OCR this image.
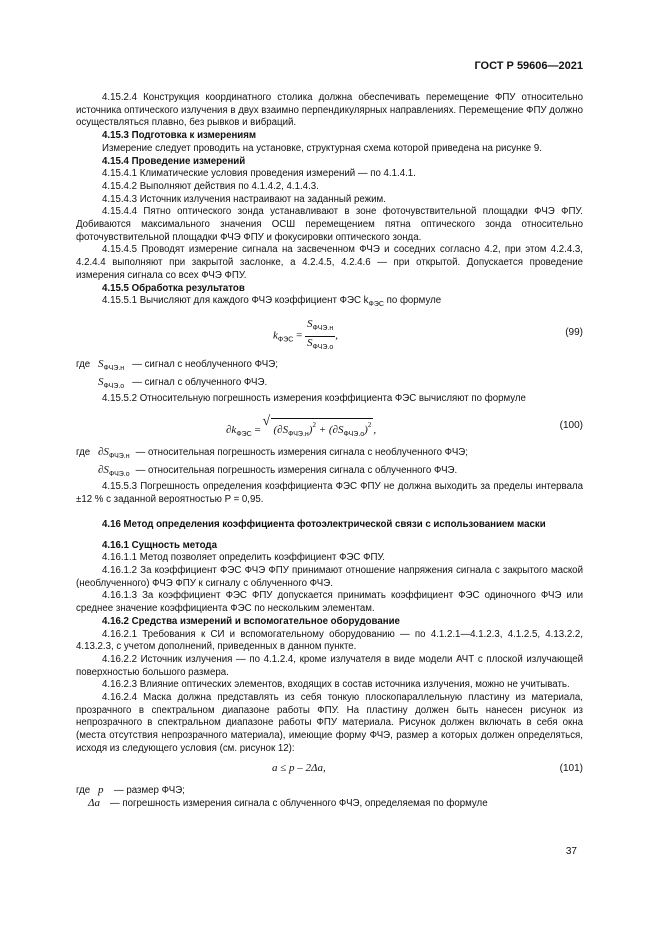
ГОСТ Р 59606—2021

4.15.2.4 Конструкция координатного столика должна обеспечивать перемещение ФПУ относительно источника оптического излучения в двух взаимно перпендикулярных направлениях. Перемещение ФПУ должно осуществляться плавно, без рывков и вибраций.

4.15.3 Подготовка к измерениям

Измерение следует проводить на установке, структурная схема которой приведена на рисунке 9.

4.15.4 Проведение измерений

4.15.4.1 Климатические условия проведения измерений — по 4.1.4.1.

4.15.4.2 Выполняют действия по 4.1.4.2, 4.1.4.3.

4.15.4.3 Источник излучения настраивают на заданный режим.

4.15.4.4 Пятно оптического зонда устанавливают в зоне фоточувствительной площадки ФЧЭ ФПУ. Добиваются максимального значения ОСШ перемещением пятна оптического зонда относительно фоточувствительной площадки ФЧЭ ФПУ и фокусировки оптического зонда.

4.15.4.5 Проводят измерение сигнала на засвеченном ФЧЭ и соседних согласно 4.2, при этом 4.2.4.3, 4.2.4.4 выполняют при закрытой заслонке, а 4.2.4.5, 4.2.4.6 — при открытой. Допускается проведение измерения сигнала со всех ФЧЭ ФПУ.

4.15.5 Обработка результатов

4.15.5.1 Вычисляют для каждого ФЧЭ коэффициент ФЭС $k_{ФЭС}$ по формуле

$k_{ФЭС} = \frac{S_{ФЧЭ.н}}{S_{ФЧЭ.о}}$ ,	(99)
где $S_{ФЧЭ.н}$ — сигнал с необлученного ФЧЭ;
$S_{ФЧЭ.о}$ — сигнал с облученного ФЧЭ.

4.15.5.2 Относительную погрешность измерения коэффициента ФЭС вычисляют по формуле

$\partial k_{ФЭС}$ = √ $(\partial S_{ФЧЭ.н})^2 + (\partial S_{ФЧЭ.о})^2$ ,	(100)
где $\partial S_{ФЧЭ.н}$ — относительная погрешность измерения сигнала с необлученного ФЧЭ;
$\partial S_{ФЧЭ.о}$ — относительная погрешность измерения сигнала с облученного ФЧЭ.

4.15.5.3 Погрешность определения коэффициента ФЭС ФПУ не должна выходить за пределы интервала ±12 % с заданной вероятностью P = 0,95.

4.16 Метод определения коэффициента фотоэлектрической связи с использованием маски

4.16.1 Сущность метода

4.16.1.1 Метод позволяет определить коэффициент ФЭС ФПУ.

4.16.1.2 За коэффициент ФЭС ФЧЭ ФПУ принимают отношение напряжения сигнала с закрытого маской (необлученного) ФЧЭ ФПУ к сигналу с облученного ФЧЭ.

4.16.1.3 За коэффициент ФЭС ФПУ допускается принимать коэффициент ФЭС одиночного ФЧЭ или среднее значение коэффициента ФЭС по нескольким элементам.

4.16.2 Средства измерений и вспомогательное оборудование

4.16.2.1 Требования к СИ и вспомогательному оборудованию — по 4.1.2.1—4.1.2.3, 4.1.2.5, 4.13.2.2, 4.13.2.3, с учетом дополнений, приведенных в данном пункте.

4.16.2.2 Источник излучения — по 4.1.2.4, кроме излучателя в виде модели АЧТ с плоской излучающей поверхностью большого размера.

4.16.2.3 Влияние оптических элементов, входящих в состав источника излучения, можно не учитывать.

4.16.2.4 Маска должна представлять из себя тонкую плоскопараллельную пластину из материала, прозрачного в спектральном диапазоне работы ФПУ. На пластину должен быть нанесен рисунок из непрозрачного в спектральном диапазоне работы ФПУ материала. Рисунок должен включать в себя окна (места отсутствия непрозрачного материала), имеющие форму ФЧЭ, размер a которых должен определяться, исходя из следующего условия (см. рисунок 12):

a ≤ p – 2Δa,	(101)
где p	— размер ФЧЭ;
Δa	— погрешность измерения сигнала с облученного ФЧЭ, определяемая по формуле
37
